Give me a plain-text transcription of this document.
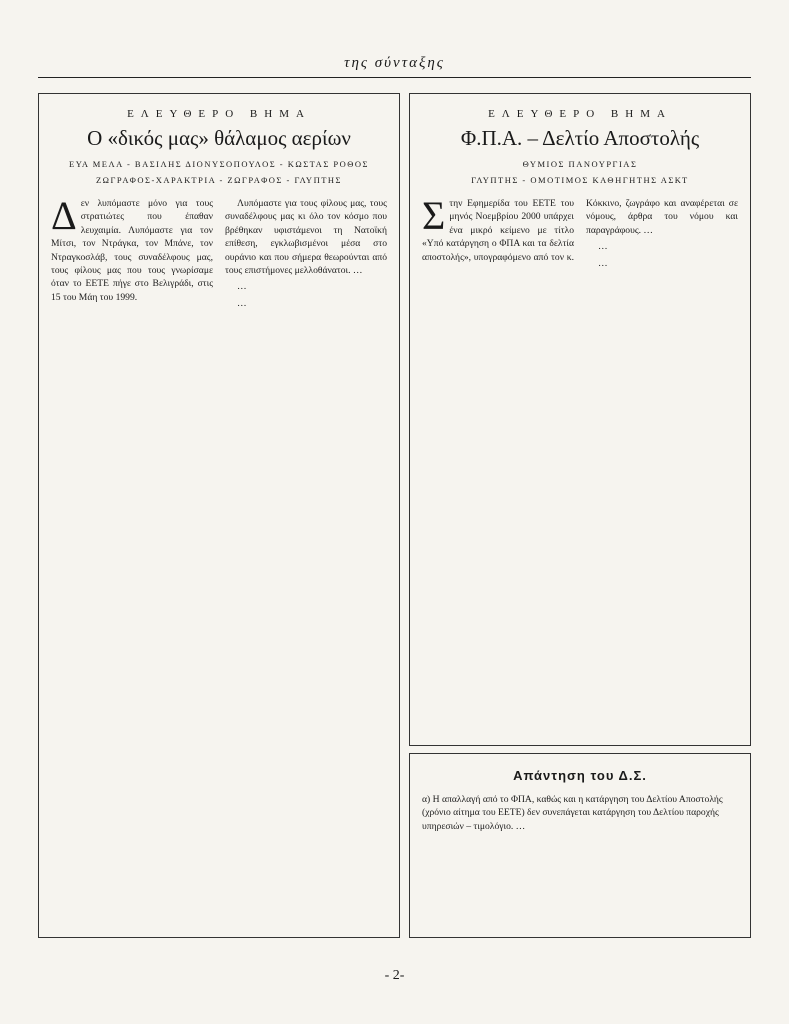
της σύνταξης
ΕΛΕΥΘΕΡΟ ΒΗΜΑ
Ο «δικός μας» θάλαμος αερίων
ΕΥΑ ΜΕΛΑ - ΒΑΣΙΛΗΣ ΔΙΟΝΥΣΟΠΟΥΛΟΣ - ΚΩΣΤΑΣ ΡΟΘΟΣ
ΖΩΓΡΑΦΟΣ-ΧΑΡΑΚΤΡΙΑ - ΖΩΓΡΑΦΟΣ - ΓΛΥΠΤΗΣ

Δεν λυπόμαστε μόνο για τους στρατιώτες που έπαθαν λευχαιμία. Λυπόμαστε για τον Μίτσι, τον Ντράγκα, τον Μπάνε, τον Ντραγκοσλάβ, τους συναδέλφους μας, τους φίλους μας που τους γνωρίσαμε όταν το ΕΕΤΕ πήγε στο Βελιγράδι, στις 15 του Μάη του 1999.

Λυπόμαστε για τους φίλους μας, τους συναδέλφους μας κι όλο τον κόσμο που βρέθηκαν υφιστάμενοι τη Νατοϊκή επίθεση, εγκλωβισμένοι μέσα στο ουράνιο και που σήμερα θεωρούνται από τους επιστήμονες μελλοθάνατοι. …

…

…

ΕΛΕΥΘΕΡΟ ΒΗΜΑ
Φ.Π.Α. – Δελτίο Αποστολής
ΘΥΜΙΟΣ ΠΑΝΟΥΡΓΙΑΣ
ΓΛΥΠΤΗΣ - ΟΜΟΤΙΜΟΣ ΚΑΘΗΓΗΤΗΣ ΑΣΚΤ

Στην Εφημερίδα του ΕΕΤΕ του μηνός Νοεμβρίου 2000 υπάρχει ένα μικρό κείμενο με τίτλο «Υπό κατάργηση ο ΦΠΑ και τα δελτία αποστολής», υπογραφόμενο από τον κ. Κόκκινο, ζωγράφο και αναφέρεται σε νόμους, άρθρα του νόμου και παραγράφους. …

…

…

Απάντηση του Δ.Σ.

α) Η απαλλαγή από το ΦΠΑ, καθώς και η κατάργηση του Δελτίου Αποστολής (χρόνιο αίτημα του ΕΕΤΕ) δεν συνεπάγεται κατάργηση του Δελτίου παροχής υπηρεσιών – τιμολόγιο. …

- 2-
